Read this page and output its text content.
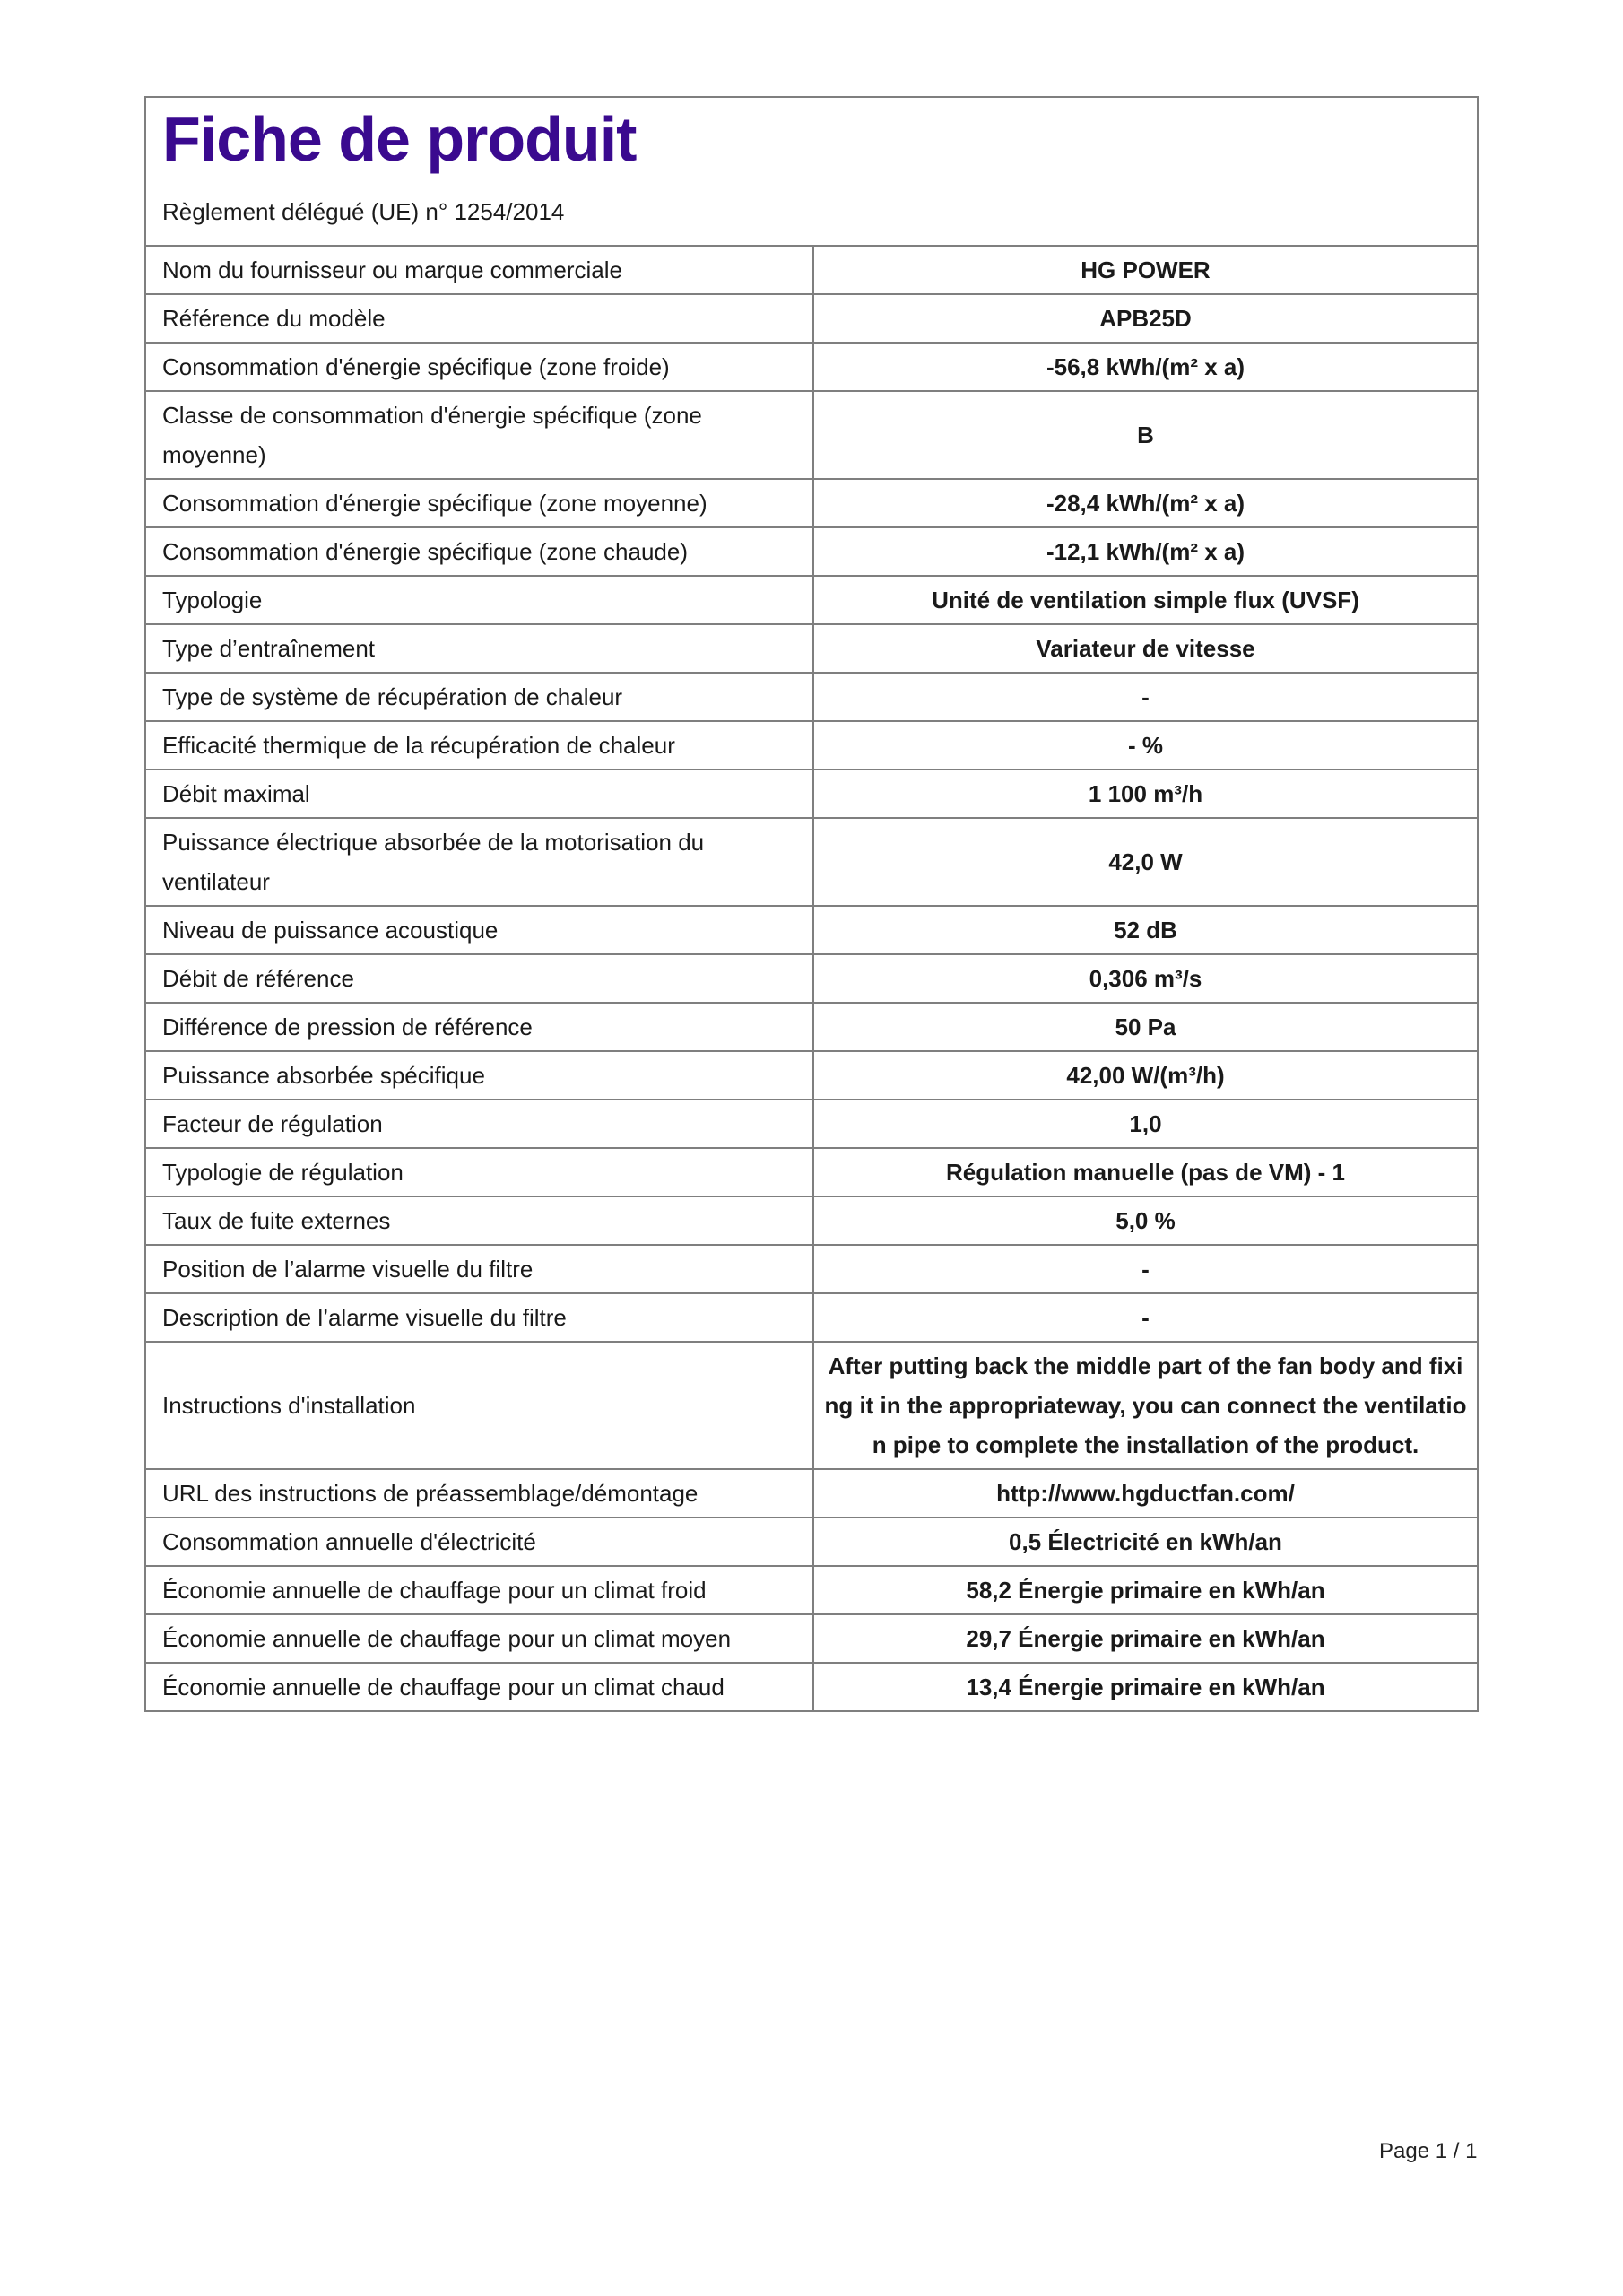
Fiche de produit
Règlement délégué (UE) n° 1254/2014
Nom du fournisseur ou marque commerciale	HG POWER
Référence du modèle	APB25D
Consommation d'énergie spécifique (zone froide)	-56,8 kWh/(m² x a)
Classe de consommation d'énergie spécifique (zone moyenne)	B
Consommation d'énergie spécifique (zone moyenne)	-28,4 kWh/(m² x a)
Consommation d'énergie spécifique (zone chaude)	-12,1 kWh/(m² x a)
Typologie	Unité de ventilation simple flux (UVSF)
Type d’entraînement	Variateur de vitesse
Type de système de récupération de chaleur	-
Efficacité thermique de la récupération de chaleur	- %
Débit maximal	1 100 m³/h
Puissance électrique absorbée de la motorisation du ventilateur	42,0 W
Niveau de puissance acoustique	52 dB
Débit de référence	0,306 m³/s
Différence de pression de référence	50 Pa
Puissance absorbée spécifique	42,00 W/(m³/h)
Facteur de régulation	1,0
Typologie de régulation	Régulation manuelle (pas de VM) - 1
Taux de fuite externes	5,0 %
Position de l’alarme visuelle du filtre	-
Description de l’alarme visuelle du filtre	-
Instructions d'installation	After putting back the middle part of the fan body and fixing it in the appropriateway, you can connect the ventilation pipe to complete the installation of the product.
URL des instructions de préassemblage/démontage	http://www.hgductfan.com/
Consommation annuelle d'électricité	0,5 Électricité en kWh/an
Économie annuelle de chauffage pour un climat froid	58,2 Énergie primaire en kWh/an
Économie annuelle de chauffage pour un climat moyen	29,7 Énergie primaire en kWh/an
Économie annuelle de chauffage pour un climat chaud	13,4 Énergie primaire en kWh/an
Page 1 / 1
